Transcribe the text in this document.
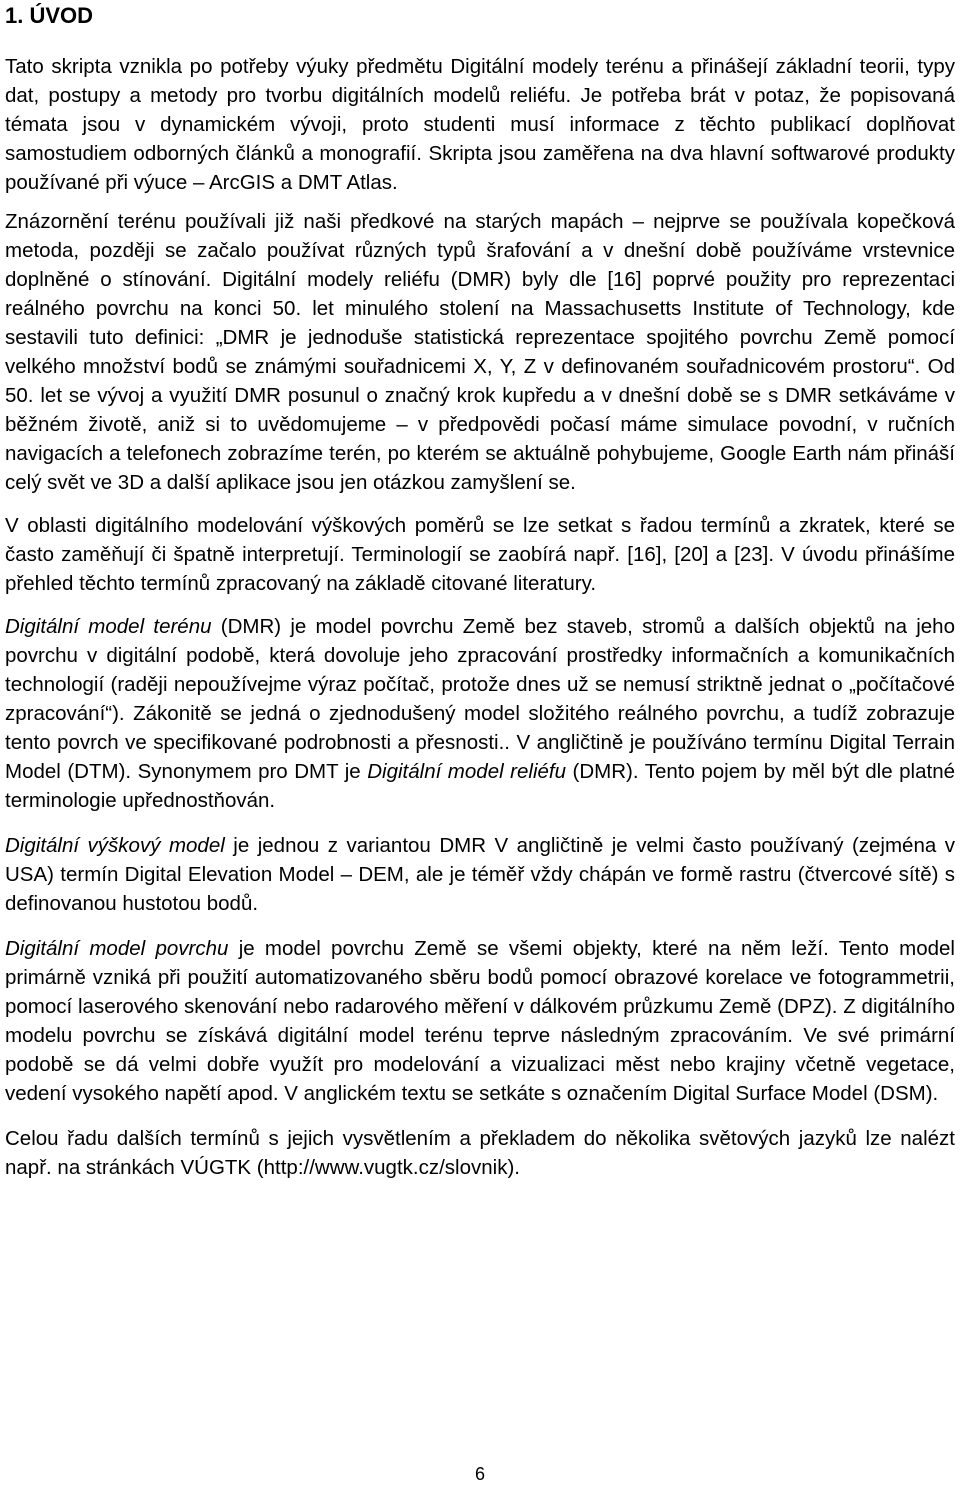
1. ÚVOD

Tato skripta vznikla po potřeby výuky předmětu Digitální modely terénu a přinášejí základní teorii, typy dat, postupy a metody pro tvorbu digitálních modelů reliéfu. Je potřeba brát v potaz, že popisovaná témata jsou v dynamickém vývoji, proto studenti musí informace z těchto publikací doplňovat samostudiem odborných článků a monografií. Skripta jsou zaměřena na dva hlavní softwarové produkty používané při výuce – ArcGIS a DMT Atlas.

Znázornění terénu používali již naši předkové na starých mapách – nejprve se používala kopečková metoda, později se začalo používat různých typů šrafování a v dnešní době používáme vrstevnice doplněné o stínování. Digitální modely reliéfu (DMR) byly dle [16] poprvé použity pro reprezentaci reálného povrchu na konci 50. let minulého stolení na Massachusetts Institute of Technology, kde sestavili tuto definici: „DMR je jednoduše statistická reprezentace spojitého povrchu Země pomocí velkého množství bodů se známými souřadnicemi X, Y, Z v definovaném souřadnicovém prostoru“. Od 50. let se vývoj a využití DMR posunul o značný krok kupředu a v dnešní době se s DMR setkáváme v běžném životě, aniž si to uvědomujeme – v předpovědi počasí máme simulace povodní, v ručních navigacích a telefonech zobrazíme terén, po kterém se aktuálně pohybujeme, Google Earth nám přináší celý svět ve 3D a další aplikace jsou jen otázkou zamyšlení se.

V oblasti digitálního modelování výškových poměrů se lze setkat s řadou termínů a zkratek, které se často zaměňují či špatně interpretují. Terminologií se zaobírá např. [16], [20] a [23]. V úvodu přinášíme přehled těchto termínů zpracovaný na základě citované literatury.

Digitální model terénu (DMR) je model povrchu Země bez staveb, stromů a dalších objektů na jeho povrchu v digitální podobě, která dovoluje jeho zpracování prostředky informačních a komunikačních technologií (raději nepoužívejme výraz počítač, protože dnes už se nemusí striktně jednat o „počítačové zpracování“). Zákonitě se jedná o zjednodušený model složitého reálného povrchu, a tudíž zobrazuje tento povrch ve specifikované podrobnosti a přesnosti.. V angličtině je používáno termínu Digital Terrain Model (DTM). Synonymem pro DMT je Digitální model reliéfu (DMR). Tento pojem by měl být dle platné terminologie upřednostňován.

Digitální výškový model je jednou z variantou DMR V angličtině je velmi často používaný (zejména v USA) termín Digital Elevation Model – DEM, ale je téměř vždy chápán ve formě rastru (čtvercové sítě) s definovanou hustotou bodů.

Digitální model povrchu je model povrchu Země se všemi objekty, které na něm leží. Tento model primárně vzniká při použití automatizovaného sběru bodů pomocí obrazové korelace ve fotogrammetrii, pomocí laserového skenování nebo radarového měření v dálkovém průzkumu Země (DPZ). Z digitálního modelu povrchu se získává digitální model terénu teprve následným zpracováním. Ve své primární podobě se dá velmi dobře využít pro modelování a vizualizaci měst nebo krajiny včetně vegetace, vedení vysokého napětí apod. V anglickém textu se setkáte s označením Digital Surface Model (DSM).

Celou řadu dalších termínů s jejich vysvětlením a překladem do několika světových jazyků lze nalézt např. na stránkách VÚGTK (http://www.vugtk.cz/slovnik).

6
